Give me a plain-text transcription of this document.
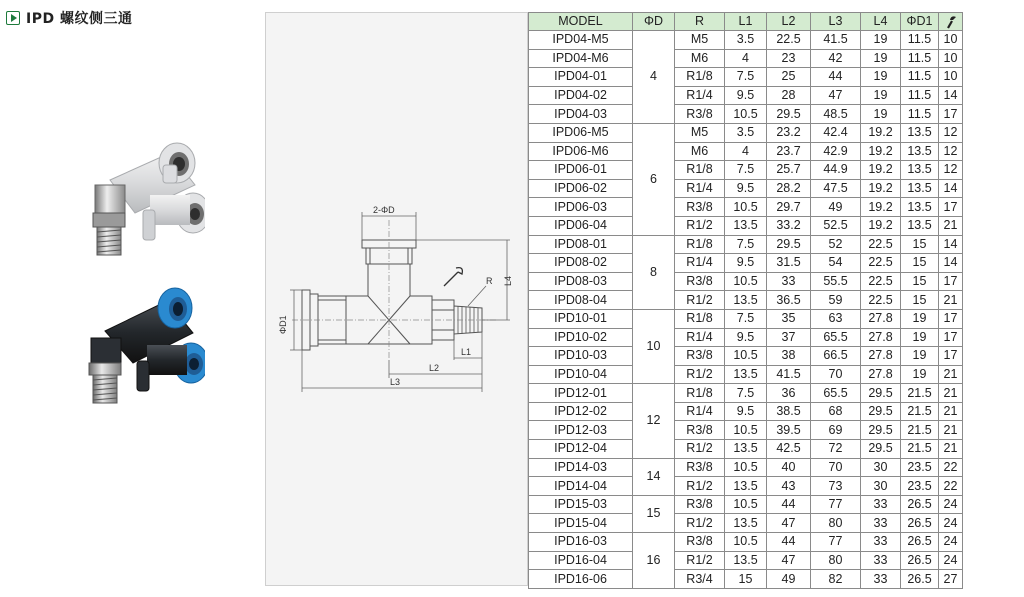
IPD 螺纹侧三通
2-ΦD
R L4
ΦD1
L1
L2
L3
MODEL	ΦD	R	L1	L2	L3	L4	ΦD1	
IPD04-M5	4	M5	3.5	22.5	41.5	19	11.5	10
IPD04-M6		M6	4	23	42	19	11.5	10
IPD04-01		R1/8	7.5	25	44	19	11.5	10
IPD04-02		R1/4	9.5	28	47	19	11.5	14
IPD04-03		R3/8	10.5	29.5	48.5	19	11.5	17
IPD06-M5	6	M5	3.5	23.2	42.4	19.2	13.5	12
IPD06-M6		M6	4	23.7	42.9	19.2	13.5	12
IPD06-01		R1/8	7.5	25.7	44.9	19.2	13.5	12
IPD06-02		R1/4	9.5	28.2	47.5	19.2	13.5	14
IPD06-03		R3/8	10.5	29.7	49	19.2	13.5	17
IPD06-04		R1/2	13.5	33.2	52.5	19.2	13.5	21
IPD08-01	8	R1/8	7.5	29.5	52	22.5	15	14
IPD08-02		R1/4	9.5	31.5	54	22.5	15	14
IPD08-03		R3/8	10.5	33	55.5	22.5	15	17
IPD08-04		R1/2	13.5	36.5	59	22.5	15	21
IPD10-01	10	R1/8	7.5	35	63	27.8	19	17
IPD10-02		R1/4	9.5	37	65.5	27.8	19	17
IPD10-03		R3/8	10.5	38	66.5	27.8	19	17
IPD10-04		R1/2	13.5	41.5	70	27.8	19	21
IPD12-01	12	R1/8	7.5	36	65.5	29.5	21.5	21
IPD12-02		R1/4	9.5	38.5	68	29.5	21.5	21
IPD12-03		R3/8	10.5	39.5	69	29.5	21.5	21
IPD12-04		R1/2	13.5	42.5	72	29.5	21.5	21
IPD14-03	14	R3/8	10.5	40	70	30	23.5	22
IPD14-04		R1/2	13.5	43	73	30	23.5	22
IPD15-03	15	R3/8	10.5	44	77	33	26.5	24
IPD15-04		R1/2	13.5	47	80	33	26.5	24
IPD16-03	16	R3/8	10.5	44	77	33	26.5	24
IPD16-04		R1/2	13.5	47	80	33	26.5	24
IPD16-06		R3/4	15	49	82	33	26.5	27
